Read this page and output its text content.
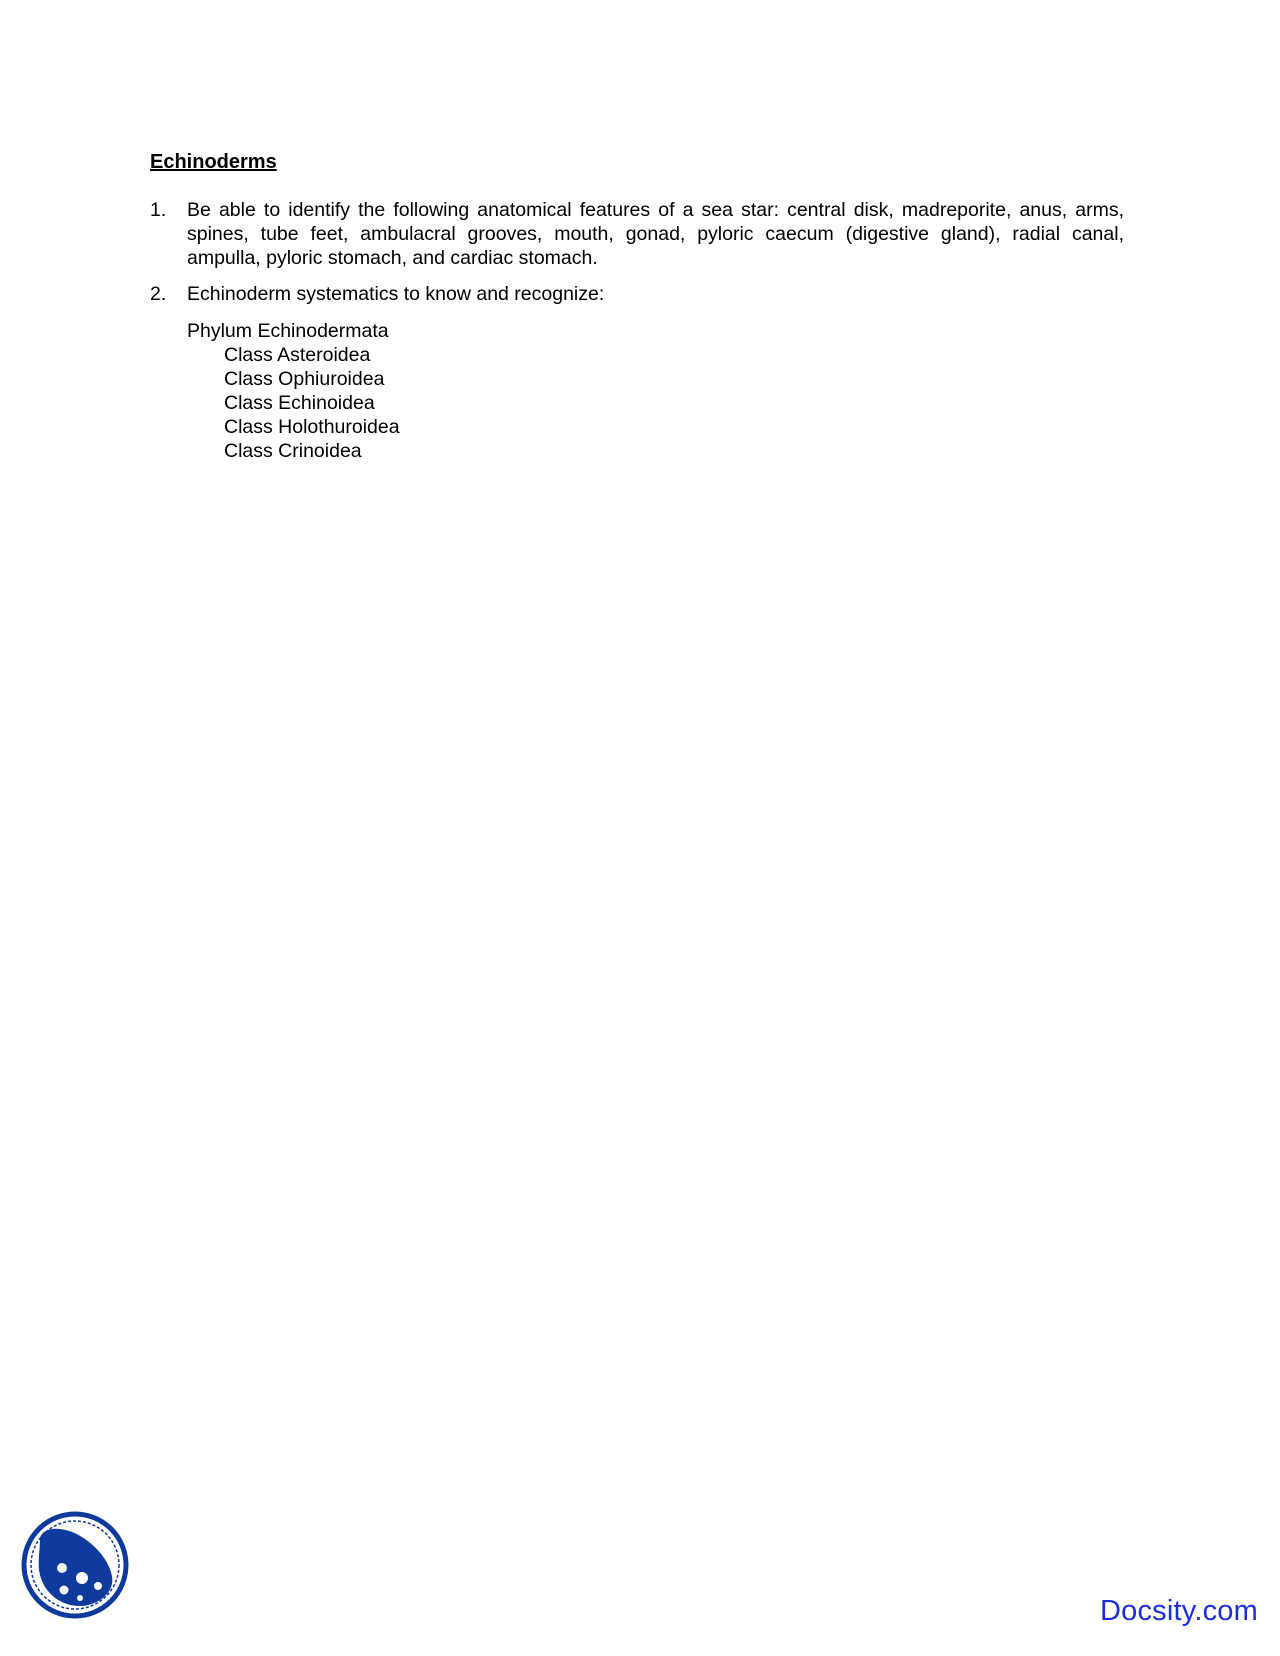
Echinoderms
1.	Be able to identify the following anatomical features of a sea star: central disk, madreporite, anus, arms, spines, tube feet, ambulacral grooves, mouth, gonad, pyloric caecum (digestive gland), radial canal, ampulla, pyloric stomach, and cardiac stomach.
2.	Echinoderm systematics to know and recognize:
Phylum Echinodermata
Class Asteroidea
Class Ophiuroidea
Class Echinoidea
Class Holothuroidea
Class Crinoidea
Docsity.com
